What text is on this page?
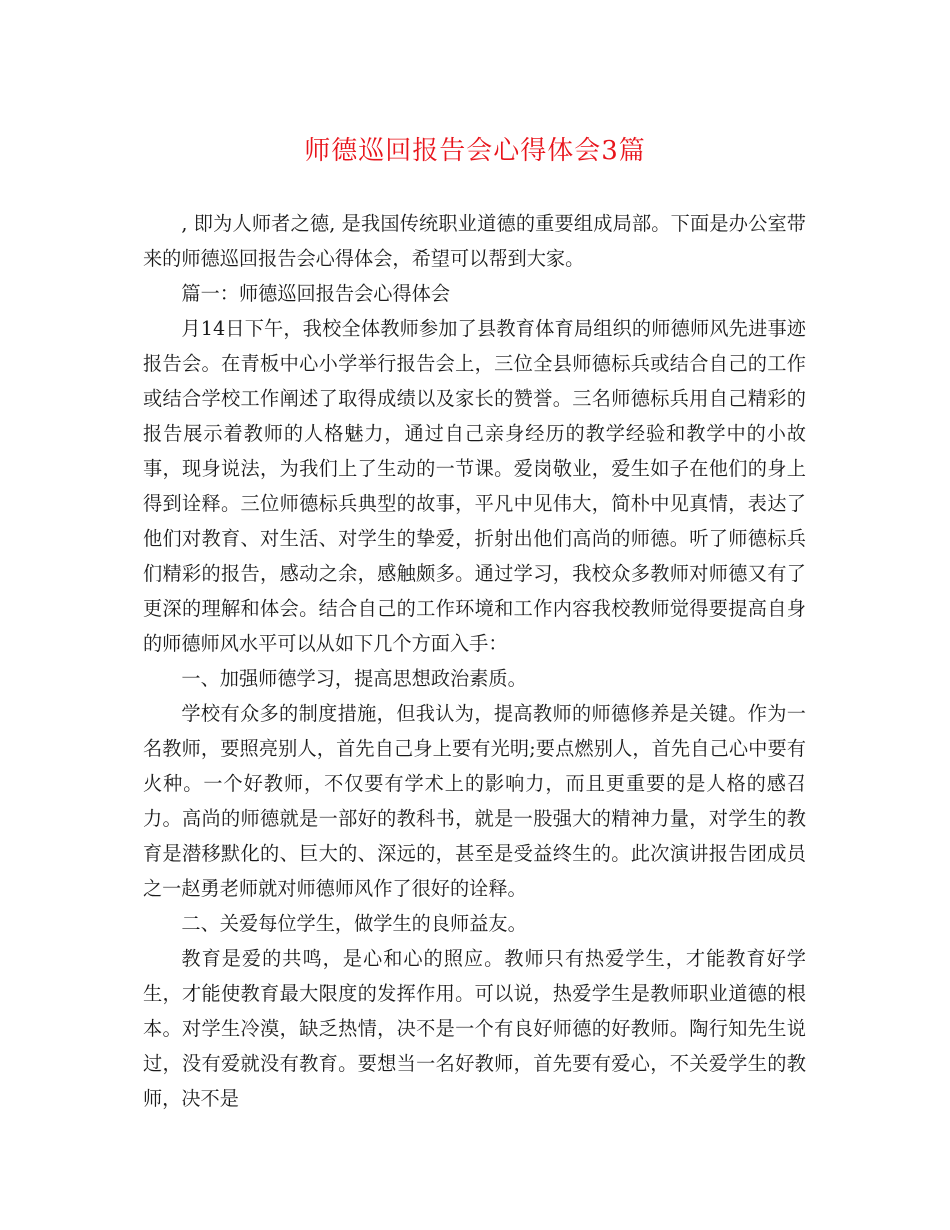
师德巡回报告会心得体会3篇

, 即为人师者之德, 是我国传统职业道德的重要组成局部。下面是办公室带来的师德巡回报告会心得体会，希望可以帮到大家。

篇一：师德巡回报告会心得体会

月14日下午，我校全体教师参加了县教育体育局组织的师德师风先进事迹报告会。在青板中心小学举行报告会上，三位全县师德标兵或结合自己的工作或结合学校工作阐述了取得成绩以及家长的赞誉。三名师德标兵用自己精彩的报告展示着教师的人格魅力，通过自己亲身经历的教学经验和教学中的小故事，现身说法，为我们上了生动的一节课。爱岗敬业，爱生如子在他们的身上得到诠释。三位师德标兵典型的故事，平凡中见伟大，简朴中见真情，表达了他们对教育、对生活、对学生的挚爱，折射出他们高尚的师德。听了师德标兵们精彩的报告，感动之余，感触颇多。通过学习，我校众多教师对师德又有了更深的理解和体会。结合自己的工作环境和工作内容我校教师觉得要提高自身的师德师风水平可以从如下几个方面入手：

一、加强师德学习，提高思想政治素质。

学校有众多的制度措施，但我认为，提高教师的师德修养是关键。作为一名教师，要照亮别人，首先自己身上要有光明;要点燃别人，首先自己心中要有火种。一个好教师，不仅要有学术上的影响力，而且更重要的是人格的感召力。高尚的师德就是一部好的教科书，就是一股强大的精神力量，对学生的教育是潜移默化的、巨大的、深远的，甚至是受益终生的。此次演讲报告团成员之一赵勇老师就对师德师风作了很好的诠释。

二、关爱每位学生，做学生的良师益友。

教育是爱的共鸣，是心和心的照应。教师只有热爱学生，才能教育好学生，才能使教育最大限度的发挥作用。可以说，热爱学生是教师职业道德的根本。对学生冷漠，缺乏热情，决不是一个有良好师德的好教师。陶行知先生说过，没有爱就没有教育。要想当一名好教师，首先要有爱心，不关爱学生的教师，决不是
